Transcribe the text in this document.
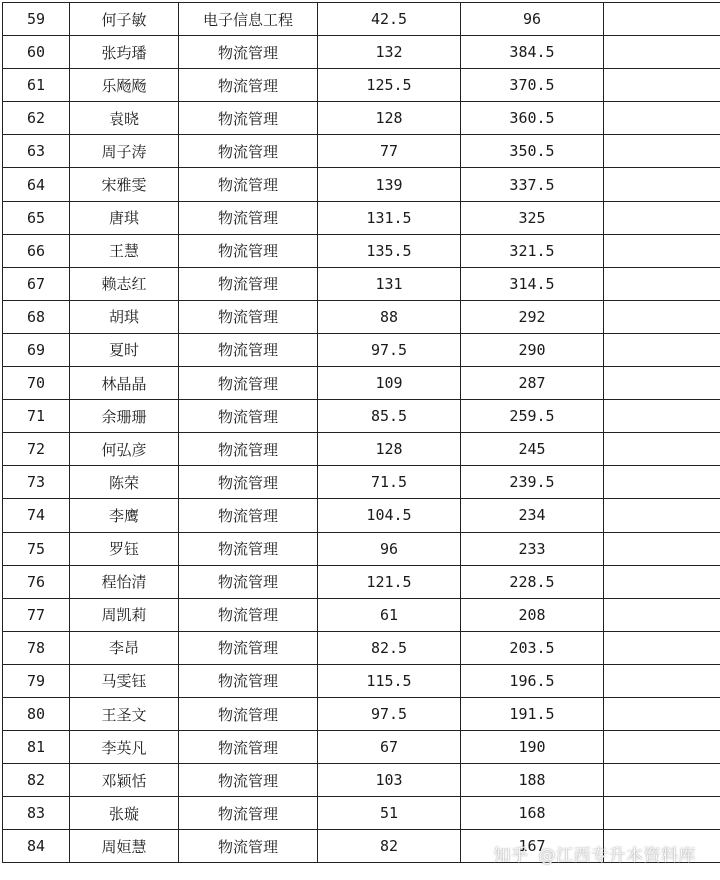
59	何子敏	电子信息工程	42.5	96	
60	张玙璠	物流管理	132	384.5	
61	乐飏飏	物流管理	125.5	370.5	
62	袁晓	物流管理	128	360.5	
63	周子涛	物流管理	77	350.5	
64	宋雅雯	物流管理	139	337.5	
65	唐琪	物流管理	131.5	325	
66	王慧	物流管理	135.5	321.5	
67	赖志红	物流管理	131	314.5	
68	胡琪	物流管理	88	292	
69	夏时	物流管理	97.5	290	
70	林晶晶	物流管理	109	287	
71	余珊珊	物流管理	85.5	259.5	
72	何弘彦	物流管理	128	245	
73	陈荣	物流管理	71.5	239.5	
74	李鹰	物流管理	104.5	234	
75	罗钰	物流管理	96	233	
76	程怡清	物流管理	121.5	228.5	
77	周凯莉	物流管理	61	208	
78	李昂	物流管理	82.5	203.5	
79	马雯钰	物流管理	115.5	196.5	
80	王圣文	物流管理	97.5	191.5	
81	李英凡	物流管理	67	190	
82	邓颖恬	物流管理	103	188	
83	张璇	物流管理	51	168	
84	周姮慧	物流管理	82	167	
知乎 @江西专升本资料库
